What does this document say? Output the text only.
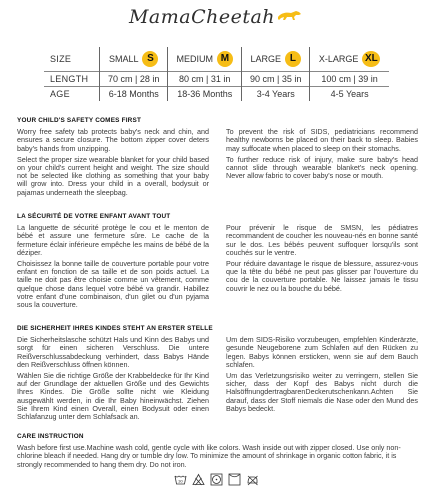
MamaCheetah
SIZE	SMALL S	MEDIUM M	LARGE L	X-LARGE XL
LENGTH	70 cm | 28 in	80 cm | 31 in	90 cm | 35 in	100 cm | 39 in
AGE	6-18 Months	18-36 Months	3-4 Years	4-5 Years
YOUR CHILD'S SAFETY COMES FIRST

Worry free safety tab protects baby's neck and chin, and ensures a secure closure. The bottom zipper cover deters baby's hands from unzipping.

Select the proper size wearable blanket for your child based on your child's current height and weight. The size should not be selected like clothing as something that your baby will grow into. Dress your child in a overall, bodysuit or pajamas underneath the sleepbag.

To prevent the risk of SIDS, pediatricians recommend healthy newborns be placed on their back to sleep. Babies may suffocate when placed to sleep on their stomachs.

To further reduce risk of injury, make sure baby's head cannot slide through wearable blanket's neck opening. Never allow fabric to cover baby's nose or mouth.

LA SÉCURITÉ DE VOTRE ENFANT AVANT TOUT

La languette de sécurité protège le cou et le menton de bébé et assure une fermeture sûre. Le cache de la fermeture éclair inférieure empêche les mains de bébé de la déziper.

Choisissez la bonne taille de couverture portable pour votre enfant en fonction de sa taille et de son poids actuel. La taille ne doit pas être choisie comme un vêtement, comme quelque chose dans lequel votre bébé va grandir. Habillez votre enfant d'une combinaison, d'un gilet ou d'un pyjama sous la couverture.

Pour prévenir le risque de SMSN, les pédiatres recommandent de coucher les nouveau-nés en bonne santé sur le dos. Les bébés peuvent suffoquer lorsqu'ils sont couchés sur le ventre.

Pour réduire davantage le risque de blessure, assurez-vous que la tête du bébé ne peut pas glisser par l'ouverture du cou de la couverture portable. Ne laissez jamais le tissu couvrir le nez ou la bouche du bébé.

DIE SICHERHEIT IHRES KINDES STEHT AN ERSTER STELLE

Die Sicherheitslasche schützt Hals und Kinn des Babys und sorgt für einen sicheren Verschluss. Die untere Reißverschlussabdeckung verhindert, dass Babys Hände den Reißverschluss öffnen können.

Wählen Sie die richtige Größe der Krabbeldecke für Ihr Kind auf der Grundlage der aktuellen Größe und des Gewichts Ihres Kindes. Die Größe sollte nicht wie Kleidung ausgewählt werden, in die Ihr Baby hineinwächst. Ziehen Sie Ihrem Kind einen Overall, einen Bodysuit oder einen Schlafanzug unter dem Schlafsack an.

Um dem SIDS-Risiko vorzubeugen, empfehlen Kinderärzte, gesunde Neugeborene zum Schlafen auf den Rücken zu legen. Babys können ersticken, wenn sie auf dem Bauch schlafen.

Um das Verletzungsrisiko weiter zu verringern, stellen Sie sicher, dass der Kopf des Babys nicht durch die HalsöffnungdertragbarenDeckerutschenkann.Achten Sie darauf, dass der Stoff niemals die Nase oder den Mund des Babys bedeckt.

CARE INSTRUCTION

Wash before first use.Machine wash cold, gentle cycle with like colors. Wash inside out with zipper closed. Use only non-chlorine bleach if needed. Hang dry or tumble dry low. To minimize the amount of shrinkage in organic cotton fabric, it is strongly recommended to hang them dry. Do not iron.

30
